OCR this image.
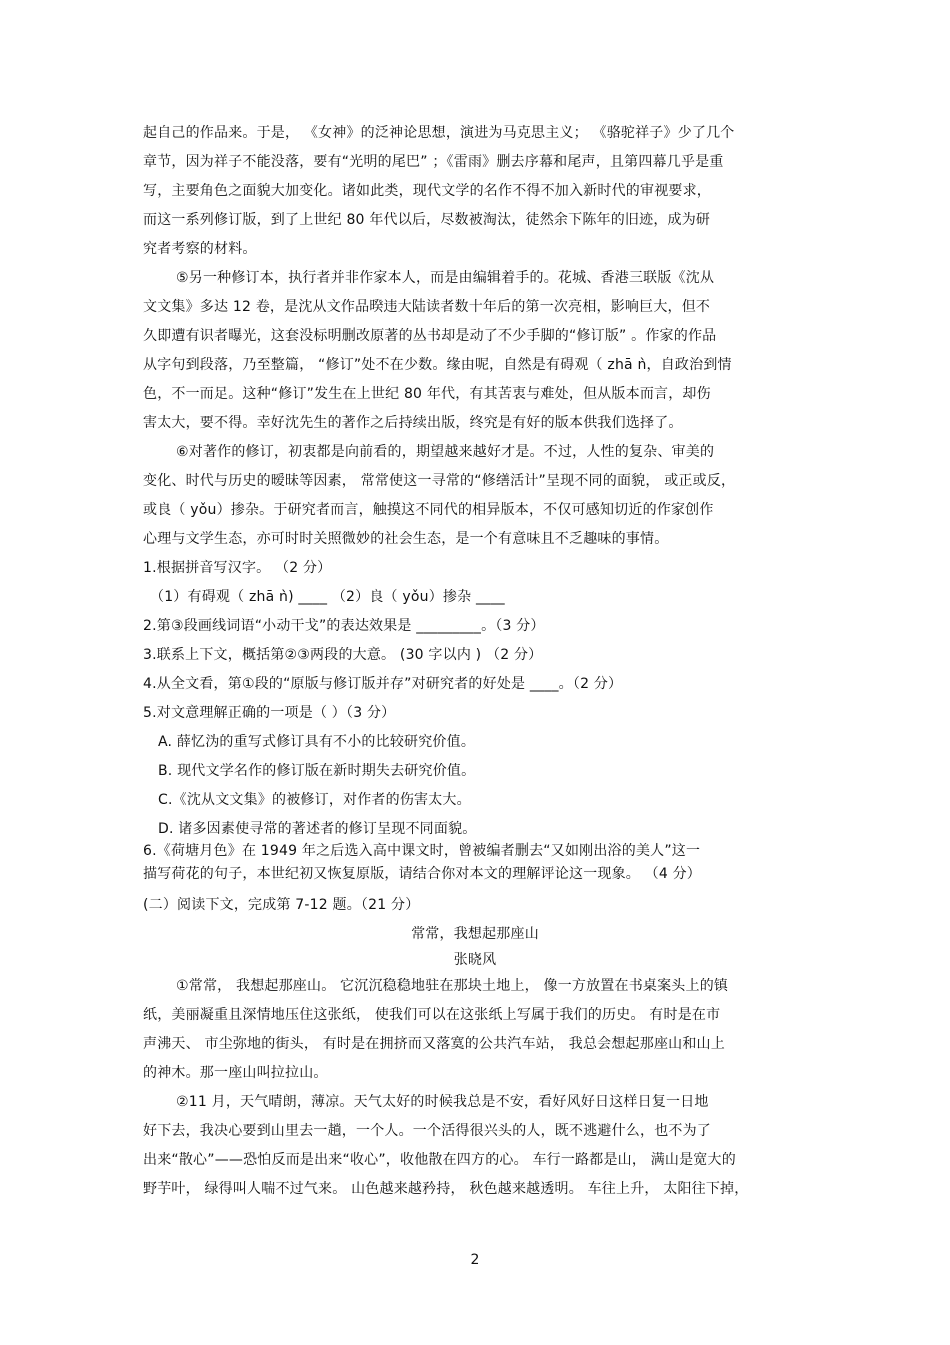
起自己的作品来。于是， 《女神》的泛神论思想，演进为马克思主义； 《骆驼祥子》少了几个
章节，因为祥子不能没落，要有“光明的尾巴” ；《雷雨》删去序幕和尾声，且第四幕几乎是重
写，主要角色之面貌大加变化。诸如此类，现代文学的名作不得不加入新时代的审视要求，
而这一系列修订版，到了上世纪 80 年代以后，尽数被淘汰，徒然余下陈年的旧迹，成为研
究者考察的材料。
⑤另一种修订本，执行者并非作家本人，而是由编辑着手的。花城、香港三联版《沈从
文文集》多达 12 卷，是沈从文作品暌违大陆读者数十年后的第一次亮相，影响巨大，但不
久即遭有识者曝光，这套没标明删改原著的丛书却是动了不少手脚的“修订版” 。作家的作品
从字句到段落，乃至整篇， “修订”处不在少数。缘由呢，自然是有碍观（ zhā ǹ，自政治到情
色，不一而足。这种“修订”发生在上世纪 80 年代，有其苦衷与难处，但从版本而言，却伤
害太大，要不得。幸好沈先生的著作之后持续出版，终究是有好的版本供我们选择了。
⑥对著作的修订，初衷都是向前看的，期望越来越好才是。不过，人性的复杂、审美的
变化、时代与历史的暧昧等因素， 常常使这一寻常的“修缮活计”呈现不同的面貌， 或正或反，
或良（ yǒu）掺杂。于研究者而言，触摸这不同代的相异版本，不仅可感知切近的作家创作
心理与文学生态，亦可时时关照微妙的社会生态，是一个有意味且不乏趣味的事情。
1.根据拼音写汉字。 （2 分）
（1）有碍观（ zhā ǹ) ____ （2）良（ yǒu）掺杂 ____
2.第③段画线词语“小动干戈”的表达效果是 _________。（3 分）
3.联系上下文，概括第②③两段的大意。 (30 字以内 ) （2 分）
4.从全文看，第①段的“原版与修订版并存”对研究者的好处是 ____。（2 分）
5.对文意理解正确的一项是（ ）（3 分）
A. 薛忆沩的重写式修订具有不小的比较研究价值。
B. 现代文学名作的修订版在新时期失去研究价值。
C.《沈从文文集》的被修订，对作者的伤害太大。
D. 诸多因素使寻常的著述者的修订呈现不同面貌。
6.《荷塘月色》在 1949 年之后选入高中课文时，曾被编者删去“又如刚出浴的美人”这一
描写荷花的句子，本世纪初又恢复原版，请结合你对本文的理解评论这一现象。 （4 分）
(二）阅读下文，完成第 7-12 题。（21 分）
常常，我想起那座山
张晓风
①常常， 我想起那座山。 它沉沉稳稳地驻在那块土地上， 像一方放置在书桌案头上的镇
纸，美丽凝重且深情地压住这张纸， 使我们可以在这张纸上写属于我们的历史。 有时是在市
声沸天、 市尘弥地的街头， 有时是在拥挤而又落寞的公共汽车站， 我总会想起那座山和山上
的神木。那一座山叫拉拉山。
②11 月，天气晴朗，薄凉。天气太好的时候我总是不安，看好风好日这样日复一日地
好下去，我决心要到山里去一趟，一个人。一个活得很兴头的人，既不逃避什么，也不为了
出来“散心”——恐怕反而是出来“收心”，收他散在四方的心。 车行一路都是山， 满山是宽大的
野芋叶， 绿得叫人喘不过气来。 山色越来越矜持， 秋色越来越透明。 车往上升， 太阳往下掉，
2
